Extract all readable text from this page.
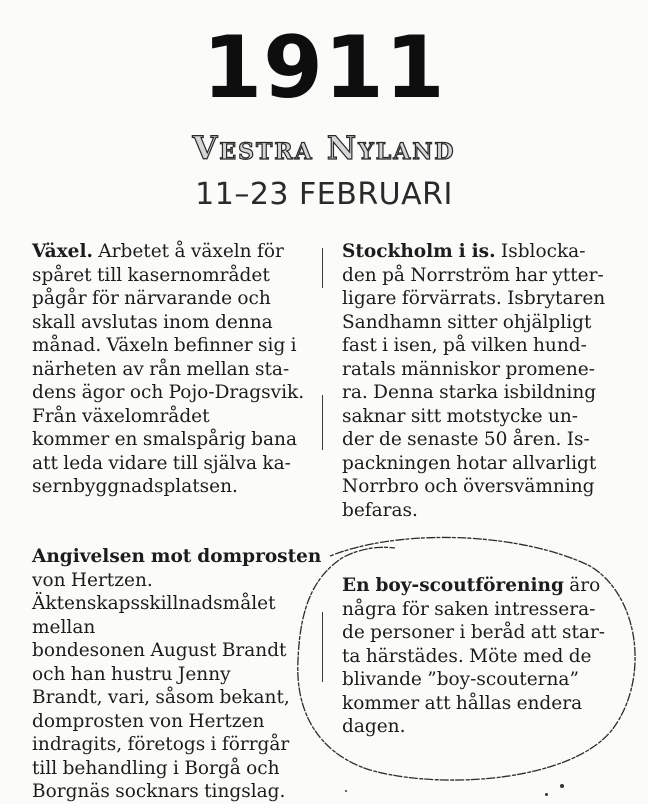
1911
Vestra Nyland
11–23 FEBRUARI
Växel. Arbetet å växeln för
spåret till kasernområdet
pågår för närvarande och
skall avslutas inom denna
månad. Växeln befinner sig i
närheten av rån mellan sta-
dens ägor och Pojo-Dragsvik.
Från växelområdet
kommer en smalspårig bana
att leda vidare till själva ka-
sernbyggnadsplatsen.
Angivelsen mot domprosten von Hertzen. Äktenskapsskillnadsmålet mellan
bondesonen August Brandt
och han hustru Jenny
Brandt, vari, såsom bekant,
domprosten von Hertzen
indragits, företogs i förrgår
till behandling i Borgå och
Borgnäs socknars tingslag.
Stockholm i is. Isblocka-
den på Norrström har ytter-
ligare förvärrats. Isbrytaren
Sandhamn sitter ohjälpligt
fast i isen, på vilken hund-
ratals människor promene-
ra. Denna starka isbildning
saknar sitt motstycke un-
der de senaste 50 åren. Is-
packningen hotar allvarligt
Norrbro och översvämning
befaras.
En boy-scoutförening äro
några för saken intressera-
de personer i beråd att star-
ta härstädes. Möte med de
blivande ”boy-scouterna”
kommer att hållas endera
dagen.
